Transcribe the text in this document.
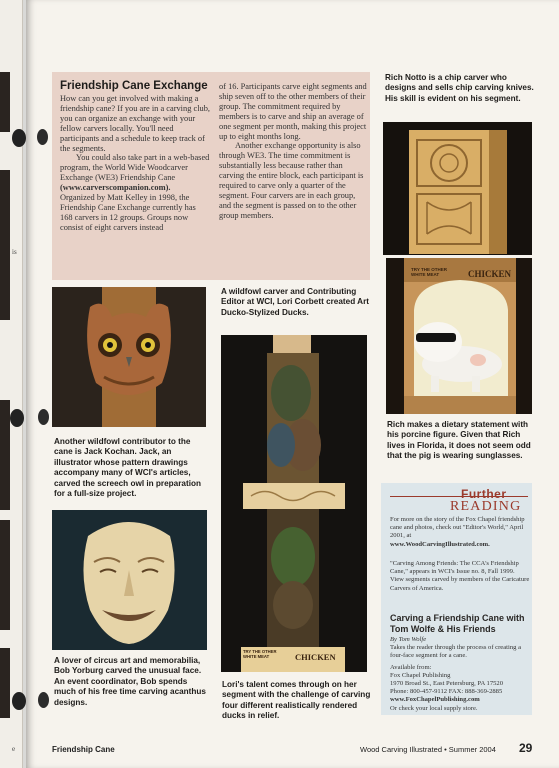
is
e
Friendship Cane Exchange

How can you get involved with making a friendship cane? If you are in a carving club, you can organize an exchange with your fellow carvers locally. You'll need participants and a schedule to keep track of the segments.

You could also take part in a web-based program, the World Wide Woodcarver Exchange (WE3) Friendship Cane

(www.carverscompanion.com).

Organized by Matt Kelley in 1998, the Friendship Cane Exchange currently has 168 carvers in 12 groups. Groups now consist of eight carvers instead

of 16. Participants carve eight segments and ship seven off to the other members of their group. The commitment required by members is to carve and ship an average of one segment per month, making this project up to eight months long.

Another exchange opportunity is also through WE3. The time commitment is substantially less because rather than carving the entire block, each participant is required to carve only a quarter of the segment. Four carvers are in each group, and the segment is passed on to the other group members.

Rich Notto is a chip carver who designs and sells chip carving knives. His skill is evident on his segment.
TRY THE OTHER WHITE MEAT	CHICKEN
Rich makes a dietary statement with his porcine figure. Given that Rich lives in Florida, it does not seem odd that the pig is wearing sunglasses.
Another wildfowl contributor to the cane is Jack Kochan. Jack, an illustrator whose pattern drawings accompany many of WCI's articles, carved the screech owl in preparation for a full-size project.
A wildfowl carver and Contributing Editor at WCI, Lori Corbett created Art Ducko-Stylized Ducks.
TRY THE OTHER WHITE MEAT	CHICKEN
Lori's talent comes through on her segment with the challenge of carving four different realistically rendered ducks in relief.
A lover of circus art and memorabilia, Bob Yorburg carved the unusual face. An event coordinator, Bob spends much of his free time carving acanthus designs.
Further
READING

For more on the story of the Fox Chapel friendship cane and photos, check out "Editor's World," April 2001, at

www.WoodCarvingIllustrated.com.

"Carving Among Friends: The CCA's Friendship Cane," appears in WCI's Issue no. 8, Fall 1999. View segments carved by members of the Caricature Carvers of America.

Carving a Friendship Cane with Tom Wolfe & His Friends

By Tom Wolfe

Takes the reader through the process of creating a four-face segment for a cane.

Available from:

Fox Chapel Publishing

1970 Broad St., East Petersburg, PA 17520

Phone: 800-457-9112 FAX: 888-369-2885

www.FoxChapelPublishing.com

Or check your local supply store.

Friendship Cane	Wood Carving Illustrated • Summer 2004 29
